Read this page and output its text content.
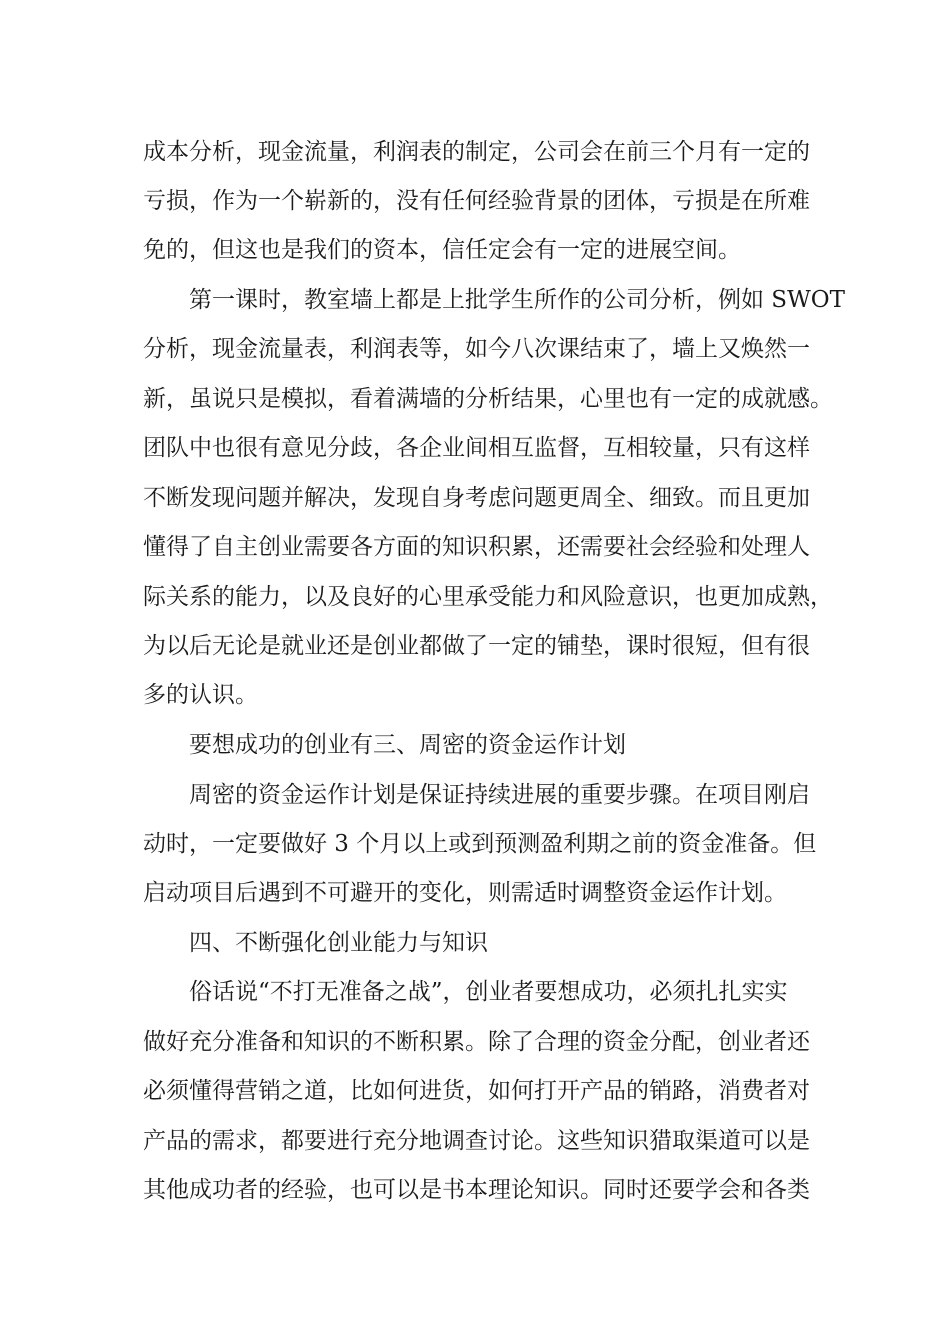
成本分析，现金流量，利润表的制定，公司会在前三个月有一定的

亏损，作为一个崭新的，没有任何经验背景的团体，亏损是在所难

免的，但这也是我们的资本，信任定会有一定的进展空间。

第一课时，教室墙上都是上批学生所作的公司分析，例如 SWOT

分析，现金流量表，利润表等，如今八次课结束了，墙上又焕然一

新，虽说只是模拟，看着满墙的分析结果，心里也有一定的成就感。

团队中也很有意见分歧，各企业间相互监督，互相较量，只有这样

不断发现问题并解决，发现自身考虑问题更周全、细致。而且更加

懂得了自主创业需要各方面的知识积累，还需要社会经验和处理人

际关系的能力，以及良好的心里承受能力和风险意识，也更加成熟，

为以后无论是就业还是创业都做了一定的铺垫，课时很短，但有很

多的认识。

要想成功的创业有三、周密的资金运作计划

周密的资金运作计划是保证持续进展的重要步骤。在项目刚启

动时，一定要做好 3 个月以上或到预测盈利期之前的资金准备。但

启动项目后遇到不可避开的变化，则需适时调整资金运作计划。

四、不断强化创业能力与知识

俗话说“不打无准备之战”，创业者要想成功，必须扎扎实实

做好充分准备和知识的不断积累。除了合理的资金分配，创业者还

必须懂得营销之道，比如何进货，如何打开产品的销路，消费者对

产品的需求，都要进行充分地调查讨论。这些知识猎取渠道可以是

其他成功者的经验，也可以是书本理论知识。同时还要学会和各类
